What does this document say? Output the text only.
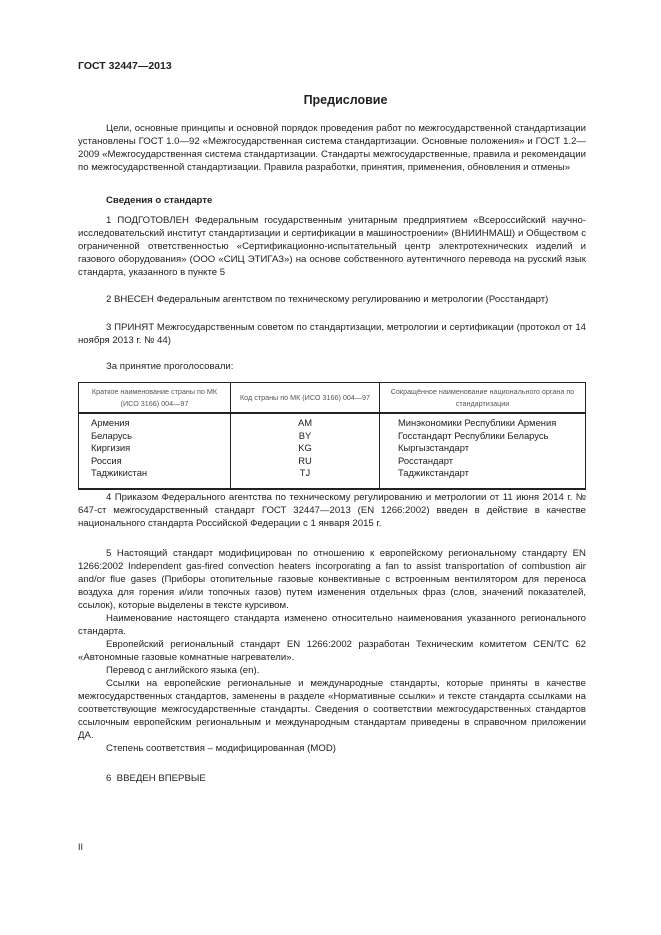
ГОСТ 32447—2013
Предисловие

Цели, основные принципы и основной порядок проведения работ по межгосударственной стандартизации установлены ГОСТ 1.0—92 «Межгосударственная система стандартизации. Основные положения» и ГОСТ 1.2—2009 «Межгосударственная система стандартизации. Стандарты межгосударственные, правила и рекомендации по межгосударственной стандартизации. Правила разработки, принятия, применения, обновления и отмены»

Сведения о стандарте

1 ПОДГОТОВЛЕН Федеральным государственным унитарным предприятием «Всероссийский научно-исследовательский институт стандартизации и сертификации в машиностроении» (ВНИИНМАШ) и Обществом с ограниченной ответственностью «Сертификационно-испытательный центр электротехнических изделий и газового оборудования» (ООО «СИЦ ЭТИГАЗ») на основе собственного аутентичного перевода на русский язык стандарта, указанного в пункте 5

2 ВНЕСЕН Федеральным агентством по техническому регулированию и метрологии (Росстандарт)

3 ПРИНЯТ Межгосударственным советом по стандартизации, метрологии и сертификации (протокол от 14 ноября 2013 г. № 44)

За принятие проголосовали:

Краткое наименование страны по МК (ИСО 3166) 004—97	Код страны по МК (ИСО 3166) 004—97	Сокращённое наименование национального органа по стандартизации
Армения	AM	Минэкономики Республики Армения
Беларусь	BY	Госстандарт Республики Беларусь
Киргизия	KG	Кыргызстандарт
Россия	RU	Росстандарт
Таджикистан	TJ	Таджикстандарт

4 Приказом Федерального агентства по техническому регулированию и метрологии от 11 июня 2014 г. № 647-ст межгосударственный стандарт ГОСТ 32447—2013 (EN 1266:2002) введен в действие в качестве национального стандарта Российской Федерации с 1 января 2015 г.

5 Настоящий стандарт модифицирован по отношению к европейскому региональному стандарту EN 1266:2002 Independent gas-fired convection heaters incorporating a fan to assist transportation of combustion air and/or flue gases (Приборы отопительные газовые конвективные с встроенным вентилятором для переноса воздуха для горения и/или топочных газов) путем изменения отдельных фраз (слов, значений показателей, ссылок), которые выделены в тексте курсивом.

Наименование настоящего стандарта изменено относительно наименования указанного регионального стандарта.

Европейский региональный стандарт EN 1266:2002 разработан Техническим комитетом CEN/TC 62 «Автономные газовые комнатные нагреватели».

Перевод с английского языка (en).

Ссылки на европейские региональные и международные стандарты, которые приняты в качестве межгосударственных стандартов, заменены в разделе «Нормативные ссылки» и тексте стандарта ссылками на соответствующие межгосударственные стандарты. Сведения о соответствии межгосударственных стандартов ссылочным европейским региональным и международным стандартам приведены в справочном приложении ДА.

Степень соответствия – модифицированная (MOD)

6  ВВЕДЕН ВПЕРВЫЕ

II
